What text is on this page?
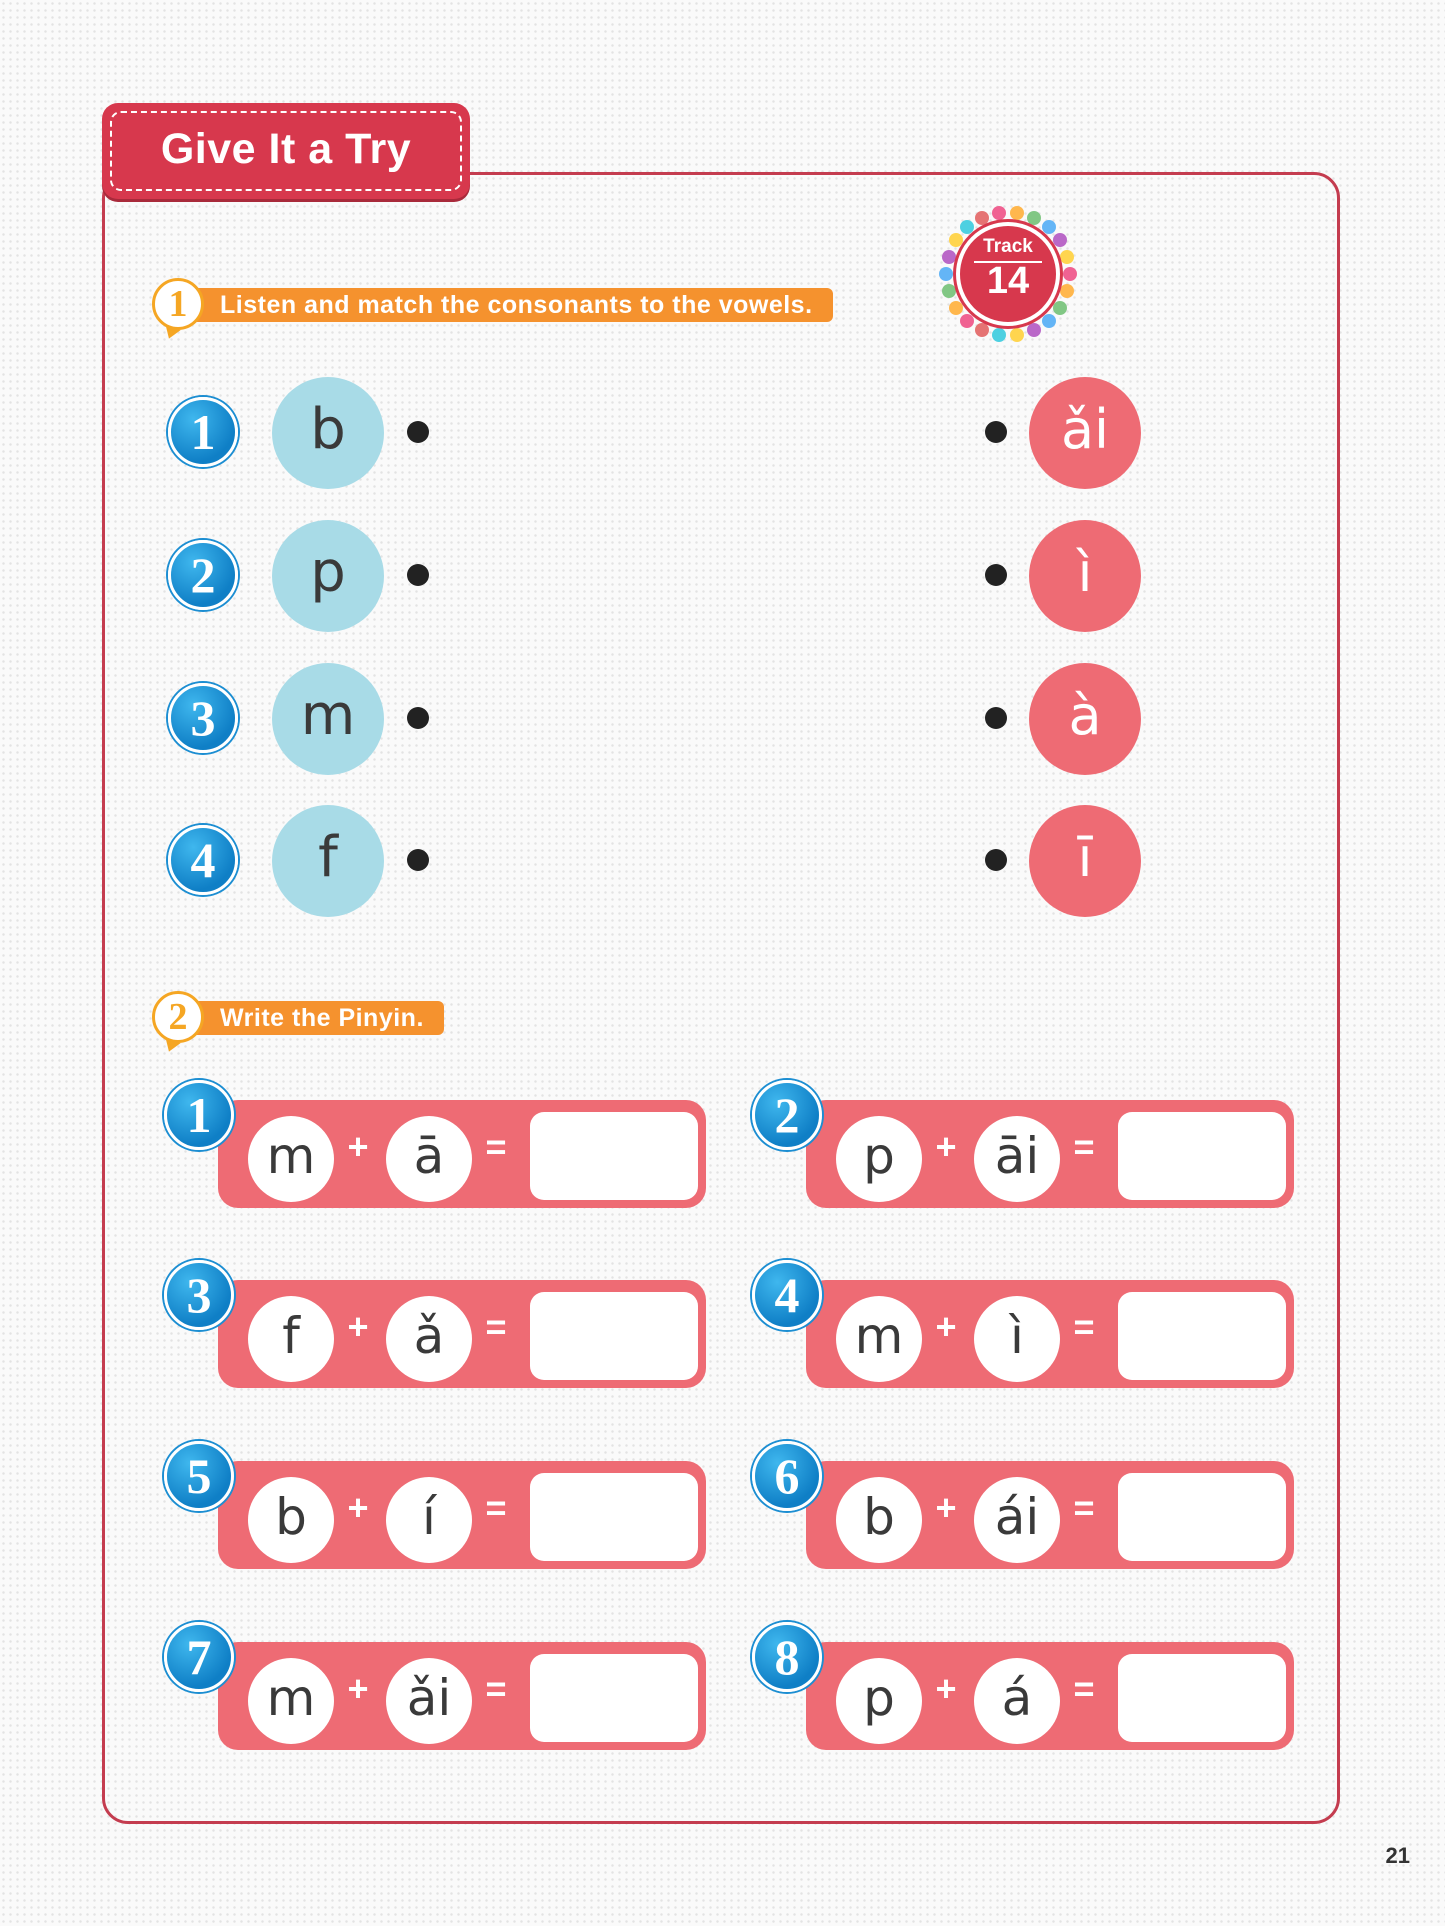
Give It a Try
Track
14
1	Listen and match the consonants to the vowels.
1	b	ǎi
2	p	ì
3	m	à
4	f	ī
2	Write the Pinyin.
1
m + ā	=
2
p	+ āi =
3
f	+ ǎ	=
4
m +	ì	=
5
b	+	í	=
6
b	+ ái =
7
m + ǎi =
8
p	+ á	=
21
